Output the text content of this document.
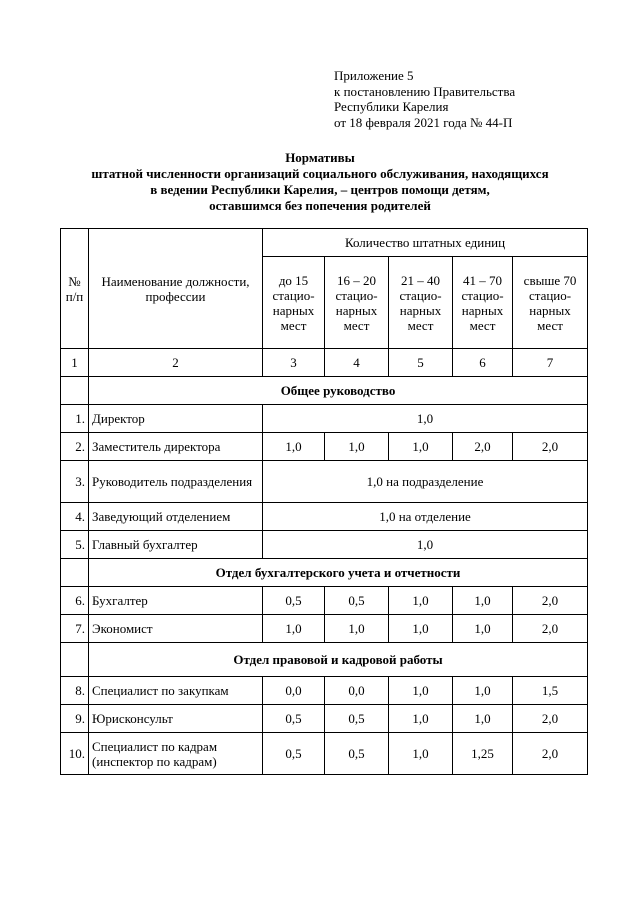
Приложение 5
к постановлению Правительства
Республики Карелия
от 18 февраля 2021 года № 44-П
Нормативы
штатной численности организаций социального обслуживания, находящихся
в ведении Республики Карелия, – центров помощи детям,
оставшимся без попечения родителей
№ п/п	Наименование должности, профессии	Количество штатных единиц				
		до 15 стацио-нарных мест	16 – 20 стацио-нарных мест	21 – 40 стацио-нарных мест	41 – 70 стацио-нарных мест	свыше 70 стацио-нарных мест
1	2	3	4	5	6	7
	Общее руководство					
1.	Директор	1,0				
2.	Заместитель директора	1,0	1,0	1,0	2,0	2,0
3.	Руководитель подразделения	1,0 на подразделение				
4.	Заведующий отделением	1,0 на отделение				
5.	Главный бухгалтер	1,0				
	Отдел бухгалтерского учета и отчетности					
6.	Бухгалтер	0,5	0,5	1,0	1,0	2,0
7.	Экономист	1,0	1,0	1,0	1,0	2,0
	Отдел правовой и кадровой работы					
8.	Специалист по закупкам	0,0	0,0	1,0	1,0	1,5
9.	Юрисконсульт	0,5	0,5	1,0	1,0	2,0
10.	Специалист по кадрам (инспектор по кадрам)	0,5	0,5	1,0	1,25	2,0
